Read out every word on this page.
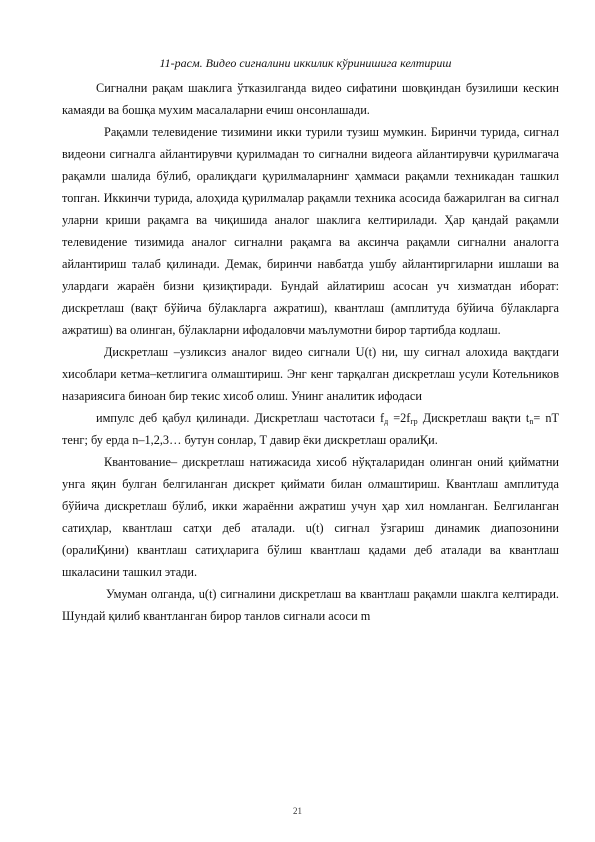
11-расм. Видео сигналини иккилик кўринишига келтириш

Сигнални рақам шаклига ўтказилганда видео сифатини шовқиндан бузилиши кескин камаяди ва бошқа мухим масалаларни ечиш онсонлашади.

Рақамли телевидение тизимини икки турили тузиш мумкин. Биринчи турида, сигнал видеони сигналга айлантирувчи қурилмадан то сигнални видеога айлантирувчи қурилмагача рақамли шалида бўлиб, оралиқдаги қурилмаларнинг ҳаммаси рақамли техникадан ташкил топган. Иккинчи турида, алоҳида қурилмалар рақамли техника асосида бажарилган ва сигнал уларни криши рақамга ва чиқишида аналог шаклига келтирилади. Ҳар қандай рақамли телевидение тизимида аналог сигнални рақамга ва аксинча рақамли сигнални аналогга айлантириш талаб қилинади. Демак, биринчи навбатда ушбу айлантиргиларни ишлаши ва улардаги жараён бизни қизиқтиради. Бундай айлатириш асосан уч хизматдан иборат: дискретлаш (вақт бўйича бўлакларга ажратиш), квантлаш (амплитуда бўйича бўлакларга ажратиш) ва олинган, бўлакларни ифодаловчи маълумотни бирор тартибда кодлаш.

Дискретлаш –узликсиз аналог видео сигнали U(t) ни, шу сигнал алохида вақтдаги хисоблари кетма–кетлигига олмаштириш. Энг кенг тарқалган дискретлаш усули Котельников назариясига биноан бир текис хисоб олиш. Унинг аналитик ифодаси

импулс деб қабул қилинади. Дискретлаш частотаси $f_д =2f_{гр}$ Дискретлаш вақти $t_n=$ nT тенг; бу ерда n–1,2,3… бутун сонлар, T давир ёки дискретлаш оралиҚи.

Квантование– дискретлаш натижасида хисоб нўқталаридан олинган оний қийматни унга яқин булган белгиланган дискрет қиймати билан олмаштириш. Квантлаш амплитуда бўйича дискретлаш бўлиб, икки жараённи ажратиш учун ҳар хил номланган. Белгиланган сатиҳлар, квантлаш сатҳи деб аталади. u(t) сигнал ўзгариш динамик диапозонини (оралиҚини) квантлаш сатиҳларига бўлиш квантлаш қадами деб аталади ва квантлаш шкаласини ташкил этади.

Умуман олганда, u(t) сигналини дискретлаш ва квантлаш рақамли шаклга келтиради. Шундай қилиб квантланган бирор танлов сигнали асоси m

21
